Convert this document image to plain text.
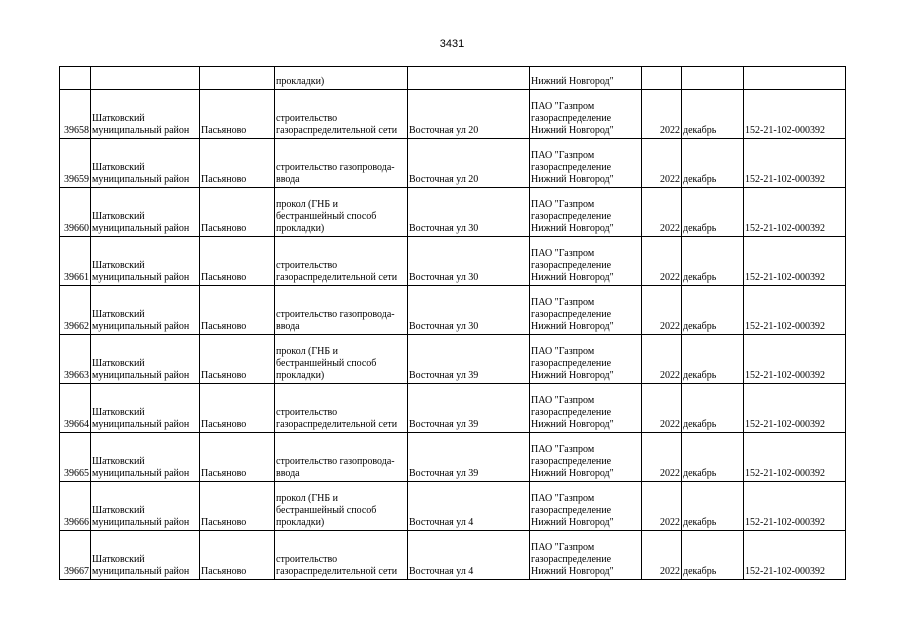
3431
			прокладки)		Нижний Новгород"			
39658	Шатковский муниципальный район	Пасьяново	строительство газораспределительной сети	Восточная ул 20	ПАО "Газпром газораспределение Нижний Новгород"	2022	декабрь	152-21-102-000392
39659	Шатковский муниципальный район	Пасьяново	строительство газопровода-ввода	Восточная ул 20	ПАО "Газпром газораспределение Нижний Новгород"	2022	декабрь	152-21-102-000392
39660	Шатковский муниципальный район	Пасьяново	прокол (ГНБ и бестраншейный способ прокладки)	Восточная ул 30	ПАО "Газпром газораспределение Нижний Новгород"	2022	декабрь	152-21-102-000392
39661	Шатковский муниципальный район	Пасьяново	строительство газораспределительной сети	Восточная ул 30	ПАО "Газпром газораспределение Нижний Новгород"	2022	декабрь	152-21-102-000392
39662	Шатковский муниципальный район	Пасьяново	строительство газопровода-ввода	Восточная ул 30	ПАО "Газпром газораспределение Нижний Новгород"	2022	декабрь	152-21-102-000392
39663	Шатковский муниципальный район	Пасьяново	прокол (ГНБ и бестраншейный способ прокладки)	Восточная ул 39	ПАО "Газпром газораспределение Нижний Новгород"	2022	декабрь	152-21-102-000392
39664	Шатковский муниципальный район	Пасьяново	строительство газораспределительной сети	Восточная ул 39	ПАО "Газпром газораспределение Нижний Новгород"	2022	декабрь	152-21-102-000392
39665	Шатковский муниципальный район	Пасьяново	строительство газопровода-ввода	Восточная ул 39	ПАО "Газпром газораспределение Нижний Новгород"	2022	декабрь	152-21-102-000392
39666	Шатковский муниципальный район	Пасьяново	прокол (ГНБ и бестраншейный способ прокладки)	Восточная ул 4	ПАО "Газпром газораспределение Нижний Новгород"	2022	декабрь	152-21-102-000392
39667	Шатковский муниципальный район	Пасьяново	строительство газораспределительной сети	Восточная ул 4	ПАО "Газпром газораспределение Нижний Новгород"	2022	декабрь	152-21-102-000392
